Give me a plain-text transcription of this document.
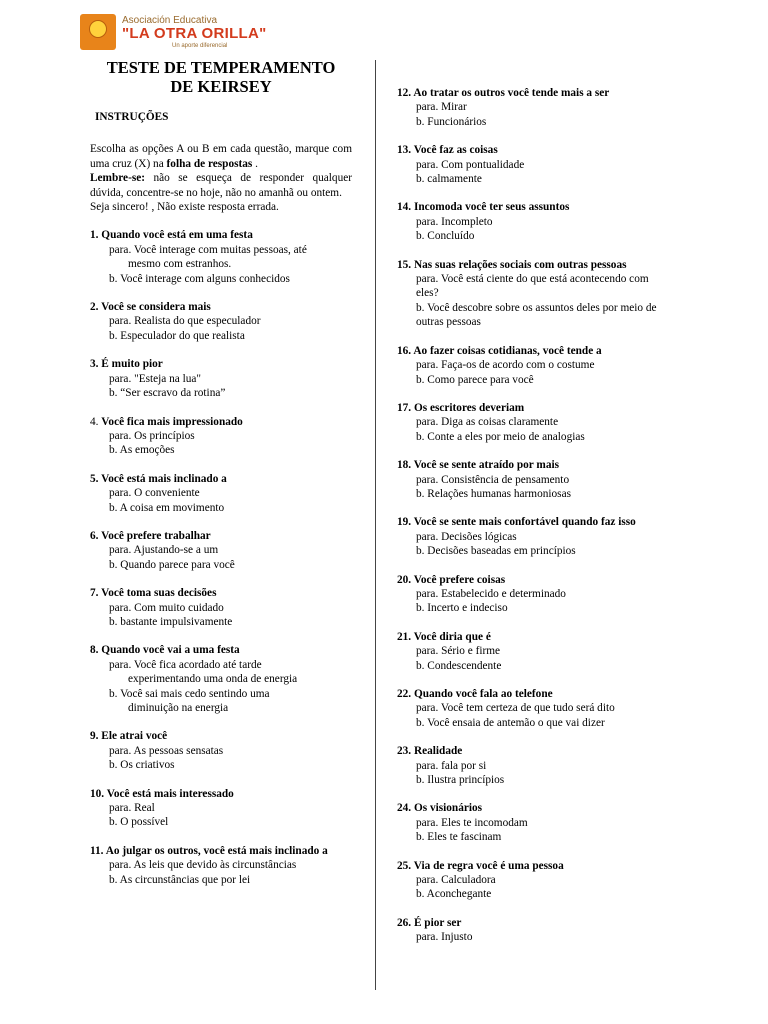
Asociación Educativa
"LA OTRA ORILLA"
Un aporte diferencial
TESTE DE TEMPERAMENTO
DE KEIRSEY
INSTRUÇÕES

Escolha as opções A ou B em cada questão, marque com uma cruz (X) na folha de respostas .

Lembre-se: não se esqueça de responder qualquer dúvida, concentre-se no hoje, não no amanhã ou ontem.

Seja sincero! , Não existe resposta errada.

1. Quando você está em uma festa
para. Você interage com muitas pessoas, até
mesmo com estranhos.
b. Você interage com alguns conhecidos
2. Você se considera mais
para. Realista do que especulador
b. Especulador do que realista
3. É muito pior
para. "Esteja na lua"
b. “Ser escravo da rotina”
4. Você fica mais impressionado
para. Os princípios
b. As emoções
5. Você está mais inclinado a
para. O conveniente
b. A coisa em movimento
6. Você prefere trabalhar
para. Ajustando-se a um
b. Quando parece para você
7. Você toma suas decisões
para. Com muito cuidado
b. bastante impulsivamente
8. Quando você vai a uma festa
para. Você fica acordado até tarde
experimentando uma onda de energia
b. Você sai mais cedo sentindo uma
diminuição na energia
9. Ele atrai você
para. As pessoas sensatas
b. Os criativos
10. Você está mais interessado
para. Real
b. O possível
11. Ao julgar os outros, você está mais inclinado a
para. As leis que devido às circunstâncias
b. As circunstâncias que por lei
12. Ao tratar os outros você tende mais a ser
para. Mirar
b. Funcionários
13. Você faz as coisas
para. Com pontualidade
b. calmamente
14. Incomoda você ter seus assuntos
para. Incompleto
b. Concluído
15. Nas suas relações sociais com outras pessoas
para. Você está ciente do que está acontecendo com eles?
b. Você descobre sobre os assuntos deles por meio de outras pessoas
16. Ao fazer coisas cotidianas, você tende a
para. Faça-os de acordo com o costume
b. Como parece para você
17. Os escritores deveriam
para. Diga as coisas claramente
b. Conte a eles por meio de analogias
18. Você se sente atraído por mais
para. Consistência de pensamento
b. Relações humanas harmoniosas
19. Você se sente mais confortável quando faz isso
para. Decisões lógicas
b. Decisões baseadas em princípios
20. Você prefere coisas
para. Estabelecido e determinado
b. Incerto e indeciso
21. Você diria que é
para. Sério e firme
b. Condescendente
22. Quando você fala ao telefone
para. Você tem certeza de que tudo será dito
b. Você ensaia de antemão o que vai dizer
23. Realidade
para. fala por si
b. Ilustra princípios
24. Os visionários
para. Eles te incomodam
b. Eles te fascinam
25. Via de regra você é uma pessoa
para. Calculadora
b. Aconchegante
26. É pior ser
para. Injusto
